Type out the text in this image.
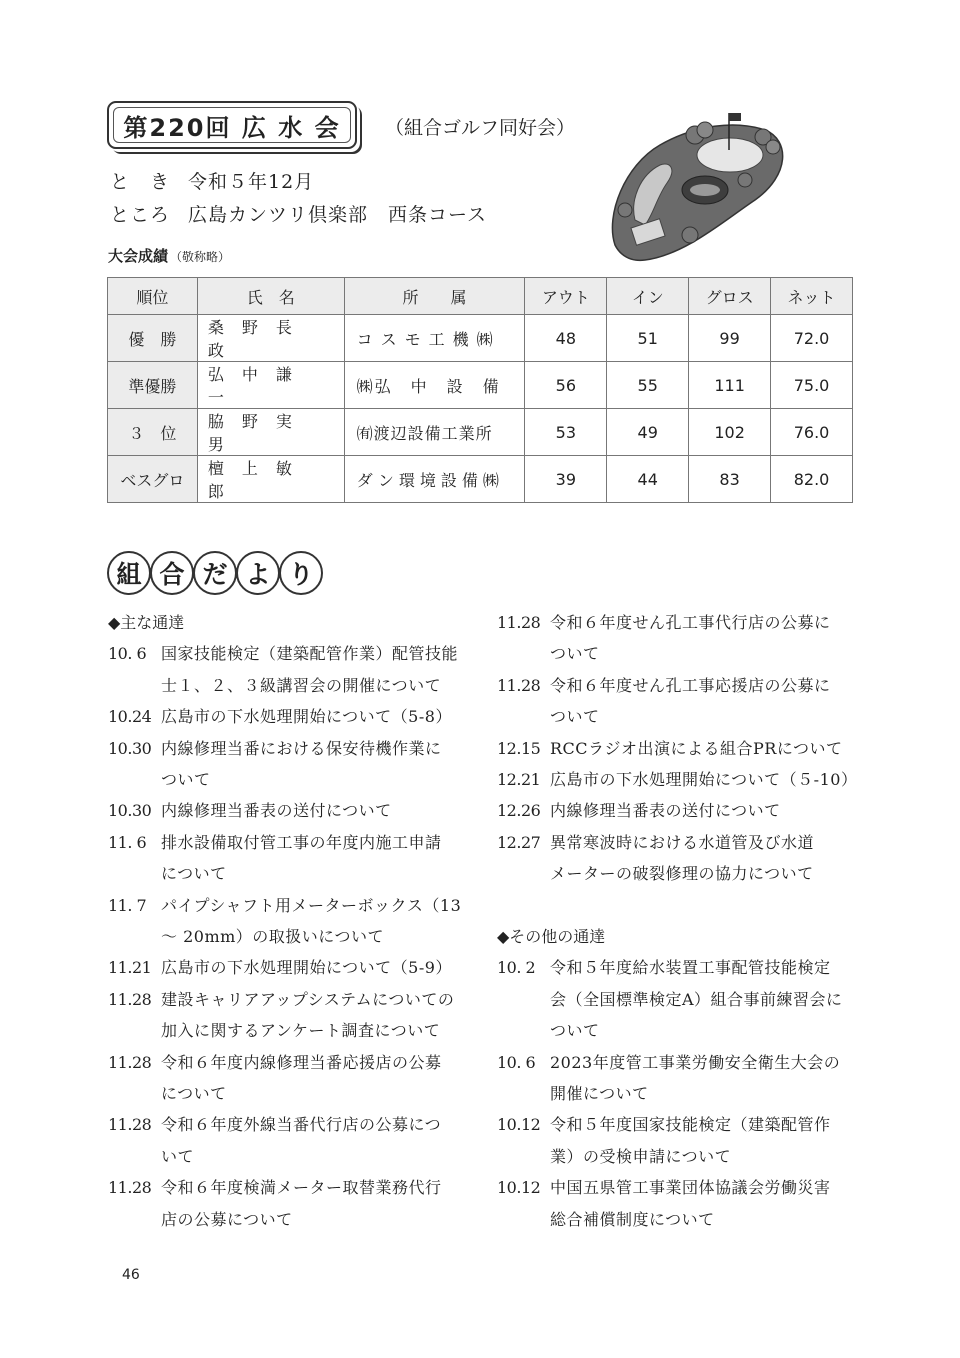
第220回 広 水 会	（組合ゴルフ同好会）
と　き 令和５年12月
ところ 広島カンツリ倶楽部　西条コース
大会成績 （敬称略）
順位	氏　名	所　　属	アウト	イン	グロス	ネット
優　勝	桑野長政	コスモ工機㈱	48	51	99	72.0
準優勝	弘中謙一	㈱弘　中　設　備	56	55	111	75.0
３　位	脇野実男	㈲渡辺設備工業所	53	49	102	76.0
ベスグロ	檀上敏郎	ダン環境設備㈱	39	44	83	82.0
組 合 だ よ り
◆主な通達
10. 6 国家技能検定（建築配管作業）配管技能
士１、２、３級講習会の開催について
10.24 広島市の下水処理開始について（5-8）
10.30 内線修理当番における保安待機作業に
ついて
10.30 内線修理当番表の送付について
11. 6 排水設備取付管工事の年度内施工申請
について
11. 7 パイプシャフト用メーターボックス（13
～ 20mm）の取扱いについて
11.21 広島市の下水処理開始について（5-9）
11.28 建設キャリアアップシステムについての
加入に関するアンケート調査について
11.28 令和６年度内線修理当番応援店の公募
について
11.28 令和６年度外線当番代行店の公募につ
いて
11.28 令和６年度検満メーター取替業務代行
店の公募について
11.28 令和６年度せん孔工事代行店の公募に
ついて
11.28 令和６年度せん孔工事応援店の公募に
ついて
12.15 RCCラジオ出演による組合PRについて
12.21 広島市の下水処理開始について（５-10）
12.26 内線修理当番表の送付について
12.27 異常寒波時における水道管及び水道
メーターの破裂修理の協力について
◆その他の通達
10. 2 令和５年度給水装置工事配管技能検定
会（全国標準検定A）組合事前練習会に
ついて
10. 6 2023年度管工事業労働安全衛生大会の
開催について
10.12 令和５年度国家技能検定（建築配管作
業）の受検申請について
10.12 中国五県管工事業団体協議会労働災害
総合補償制度について
46
